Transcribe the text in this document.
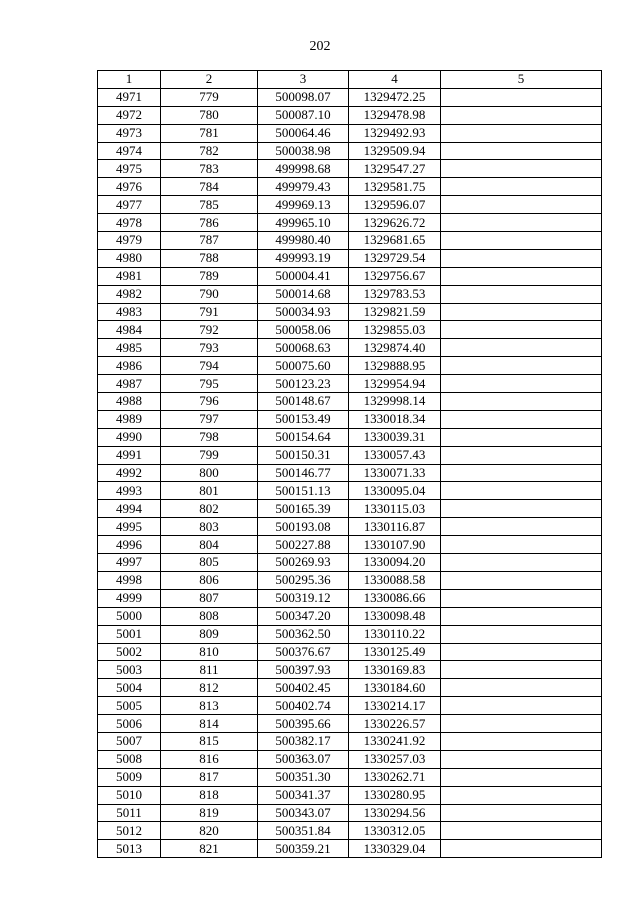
202
1	2	3	4	5
4971	779	500098.07	1329472.25	
4972	780	500087.10	1329478.98	
4973	781	500064.46	1329492.93	
4974	782	500038.98	1329509.94	
4975	783	499998.68	1329547.27	
4976	784	499979.43	1329581.75	
4977	785	499969.13	1329596.07	
4978	786	499965.10	1329626.72	
4979	787	499980.40	1329681.65	
4980	788	499993.19	1329729.54	
4981	789	500004.41	1329756.67	
4982	790	500014.68	1329783.53	
4983	791	500034.93	1329821.59	
4984	792	500058.06	1329855.03	
4985	793	500068.63	1329874.40	
4986	794	500075.60	1329888.95	
4987	795	500123.23	1329954.94	
4988	796	500148.67	1329998.14	
4989	797	500153.49	1330018.34	
4990	798	500154.64	1330039.31	
4991	799	500150.31	1330057.43	
4992	800	500146.77	1330071.33	
4993	801	500151.13	1330095.04	
4994	802	500165.39	1330115.03	
4995	803	500193.08	1330116.87	
4996	804	500227.88	1330107.90	
4997	805	500269.93	1330094.20	
4998	806	500295.36	1330088.58	
4999	807	500319.12	1330086.66	
5000	808	500347.20	1330098.48	
5001	809	500362.50	1330110.22	
5002	810	500376.67	1330125.49	
5003	811	500397.93	1330169.83	
5004	812	500402.45	1330184.60	
5005	813	500402.74	1330214.17	
5006	814	500395.66	1330226.57	
5007	815	500382.17	1330241.92	
5008	816	500363.07	1330257.03	
5009	817	500351.30	1330262.71	
5010	818	500341.37	1330280.95	
5011	819	500343.07	1330294.56	
5012	820	500351.84	1330312.05	
5013	821	500359.21	1330329.04	
